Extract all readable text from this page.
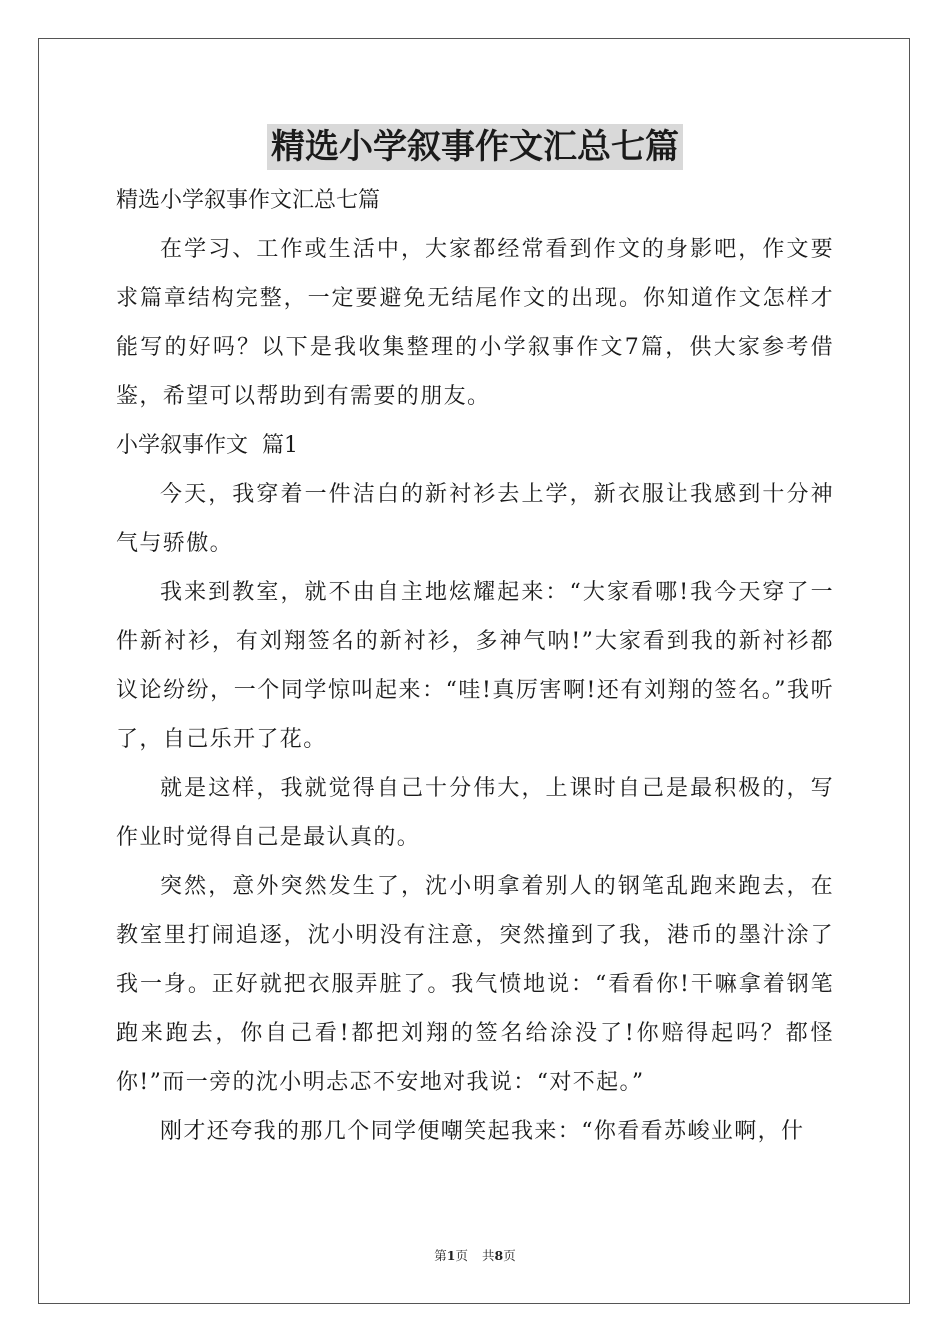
精选小学叙事作文汇总七篇

精选小学叙事作文汇总七篇

在学习、工作或生活中，大家都经常看到作文的身影吧，作文要求篇章结构完整，一定要避免无结尾作文的出现。你知道作文怎样才能写的好吗？以下是我收集整理的小学叙事作文7篇，供大家参考借鉴，希望可以帮助到有需要的朋友。

小学叙事作文  篇1

今天，我穿着一件洁白的新衬衫去上学，新衣服让我感到十分神气与骄傲。

我来到教室，就不由自主地炫耀起来：“大家看哪!我今天穿了一件新衬衫，有刘翔签名的新衬衫，多神气呐!”大家看到我的新衬衫都议论纷纷，一个同学惊叫起来：“哇!真厉害啊!还有刘翔的签名。”我听了，自己乐开了花。

就是这样，我就觉得自己十分伟大，上课时自己是最积极的，写作业时觉得自己是最认真的。

突然，意外突然发生了，沈小明拿着别人的钢笔乱跑来跑去，在教室里打闹追逐，沈小明没有注意，突然撞到了我，港币的墨汁涂了我一身。正好就把衣服弄脏了。我气愤地说：“看看你!干嘛拿着钢笔跑来跑去，你自己看!都把刘翔的签名给涂没了!你赔得起吗？都怪你!”而一旁的沈小明忐忑不安地对我说：“对不起。”

刚才还夸我的那几个同学便嘲笑起我来：“你看看苏峻业啊，什

第1页 共8页
